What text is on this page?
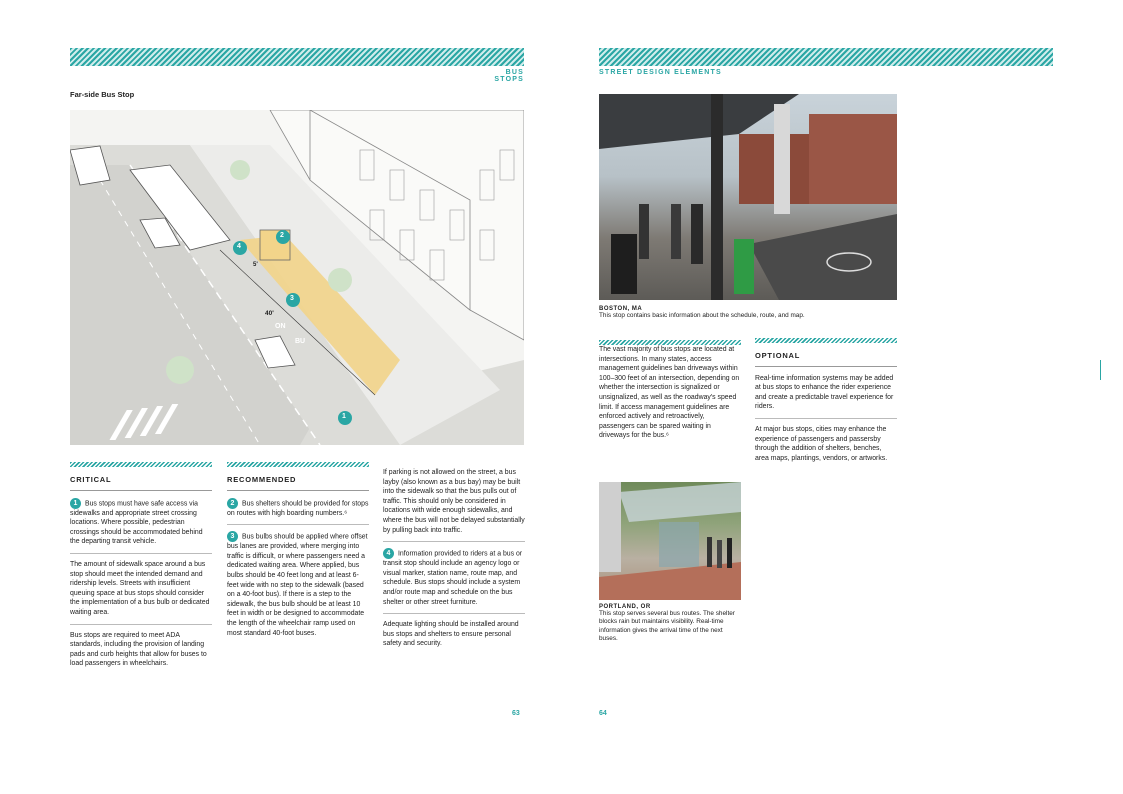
BUS STOPS
Far-side Bus Stop
1
2
3
4
40'
5'
ON
BU
CRITICAL

1 Bus stops must have safe access via sidewalks and appropriate street crossing locations. Where possible, pedestrian crossings should be accommodated behind the departing transit vehicle.

The amount of sidewalk space around a bus stop should meet the intended demand and ridership levels. Streets with insufficient queuing space at bus stops should consider the implementation of a bus bulb or dedicated waiting area.

Bus stops are required to meet ADA standards, including the provision of landing pads and curb heights that allow for buses to load passengers in wheelchairs.

RECOMMENDED

2 Bus shelters should be provided for stops on routes with high boarding numbers.⁶

3 Bus bulbs should be applied where offset bus lanes are provided, where merging into traffic is difficult, or where passengers need a dedicated waiting area. Where applied, bus bulbs should be 40 feet long and at least 6-feet wide with no step to the sidewalk (based on a 40-foot bus). If there is a step to the sidewalk, the bus bulb should be at least 10 feet in width or be designed to accommodate the length of the wheelchair ramp used on most standard 40-foot buses.

If parking is not allowed on the street, a bus layby (also known as a bus bay) may be built into the sidewalk so that the bus pulls out of traffic. This should only be considered in locations with wide enough sidewalks, and where the bus will not be delayed substantially by pulling back into traffic.

4 Information provided to riders at a bus or transit stop should include an agency logo or visual marker, station name, route map, and schedule. Bus stops should include a system and/or route map and schedule on the bus shelter or other street furniture.

Adequate lighting should be installed around bus stops and shelters to ensure personal safety and security.

63
STREET DESIGN ELEMENTS
BOSTON, MA
This stop contains basic information about the schedule, route, and map.

The vast majority of bus stops are located at intersections. In many states, access management guidelines ban driveways within 100–300 feet of an intersection, depending on whether the intersection is signalized or unsignalized, as well as the roadway's speed limit. If access management guidelines are enforced actively and retroactively, passengers can be spared waiting in driveways for the bus.⁶

OPTIONAL

Real-time information systems may be added at bus stops to enhance the rider experience and create a predictable travel experience for riders.

At major bus stops, cities may enhance the experience of passengers and passersby through the addition of shelters, benches, area maps, plantings, vendors, or artworks.

PORTLAND, OR
This stop serves several bus routes. The shelter blocks rain but maintains visibility. Real-time information gives the arrival time of the next buses.
64
